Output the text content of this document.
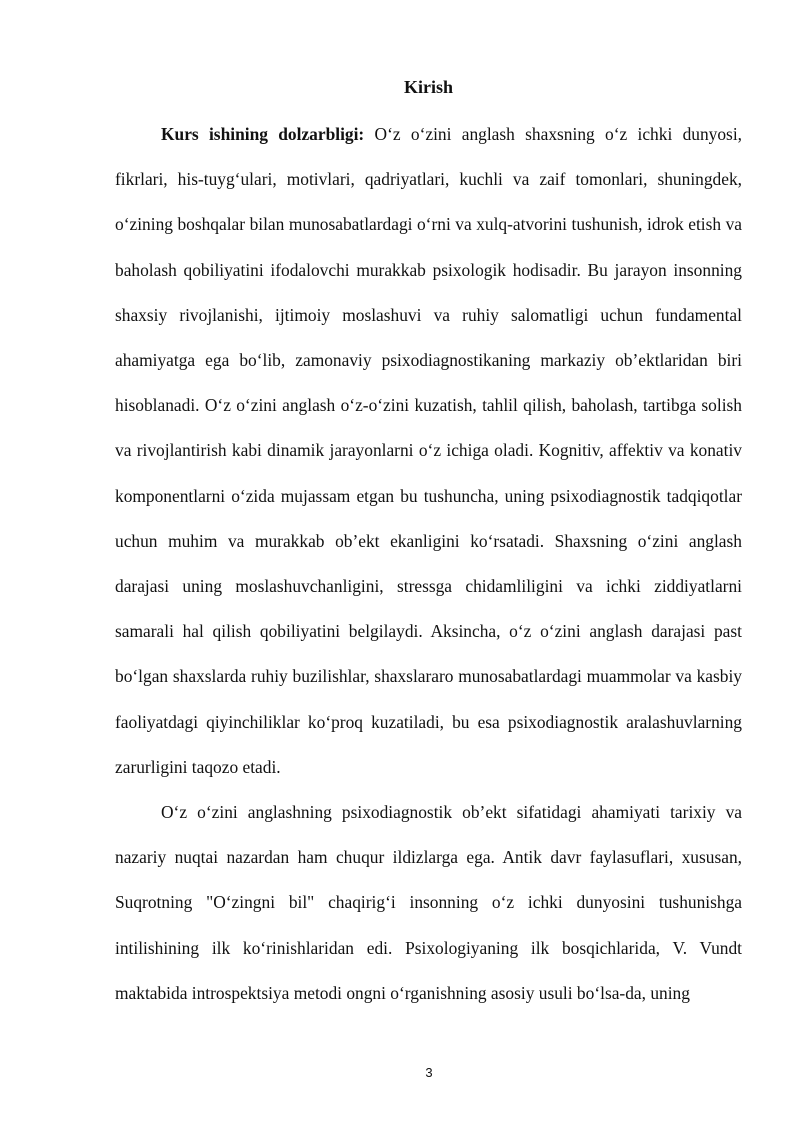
Kirish

Kurs ishining dolzarbligi: O‘z o‘zini anglash shaxsning o‘z ichki dunyosi, fikrlari, his-tuyg‘ulari, motivlari, qadriyatlari, kuchli va zaif tomonlari, shuningdek, o‘zining boshqalar bilan munosabatlardagi o‘rni va xulq-atvorini tushunish, idrok etish va baholash qobiliyatini ifodalovchi murakkab psixologik hodisadir. Bu jarayon insonning shaxsiy rivojlanishi, ijtimoiy moslashuvi va ruhiy salomatligi uchun fundamental ahamiyatga ega bo‘lib, zamonaviy psixodiagnostikaning markaziy ob’ektlaridan biri hisoblanadi. O‘z o‘zini anglash o‘z-o‘zini kuzatish, tahlil qilish, baholash, tartibga solish va rivojlantirish kabi dinamik jarayonlarni o‘z ichiga oladi. Kognitiv, affektiv va konativ komponentlarni o‘zida mujassam etgan bu tushuncha, uning psixodiagnostik tadqiqotlar uchun muhim va murakkab ob’ekt ekanligini ko‘rsatadi. Shaxsning o‘zini anglash darajasi uning moslashuvchanligini, stressga chidamliligini va ichki ziddiyatlarni samarali hal qilish qobiliyatini belgilaydi. Aksincha, o‘z o‘zini anglash darajasi past bo‘lgan shaxslarda ruhiy buzilishlar, shaxslararo munosabatlardagi muammolar va kasbiy faoliyatdagi qiyinchiliklar ko‘proq kuzatiladi, bu esa psixodiagnostik aralashuvlarning zarurligini taqozo etadi.

O‘z o‘zini anglashning psixodiagnostik ob’ekt sifatidagi ahamiyati tarixiy va nazariy nuqtai nazardan ham chuqur ildizlarga ega. Antik davr faylasuflari, xususan, Suqrotning "O‘zingni bil" chaqirig‘i insonning o‘z ichki dunyosini tushunishga intilishining ilk ko‘rinishlaridan edi. Psixologiyaning ilk bosqichlarida, V. Vundt maktabida introspektsiya metodi ongni o‘rganishning asosiy usuli bo‘lsa-da, uning

3
